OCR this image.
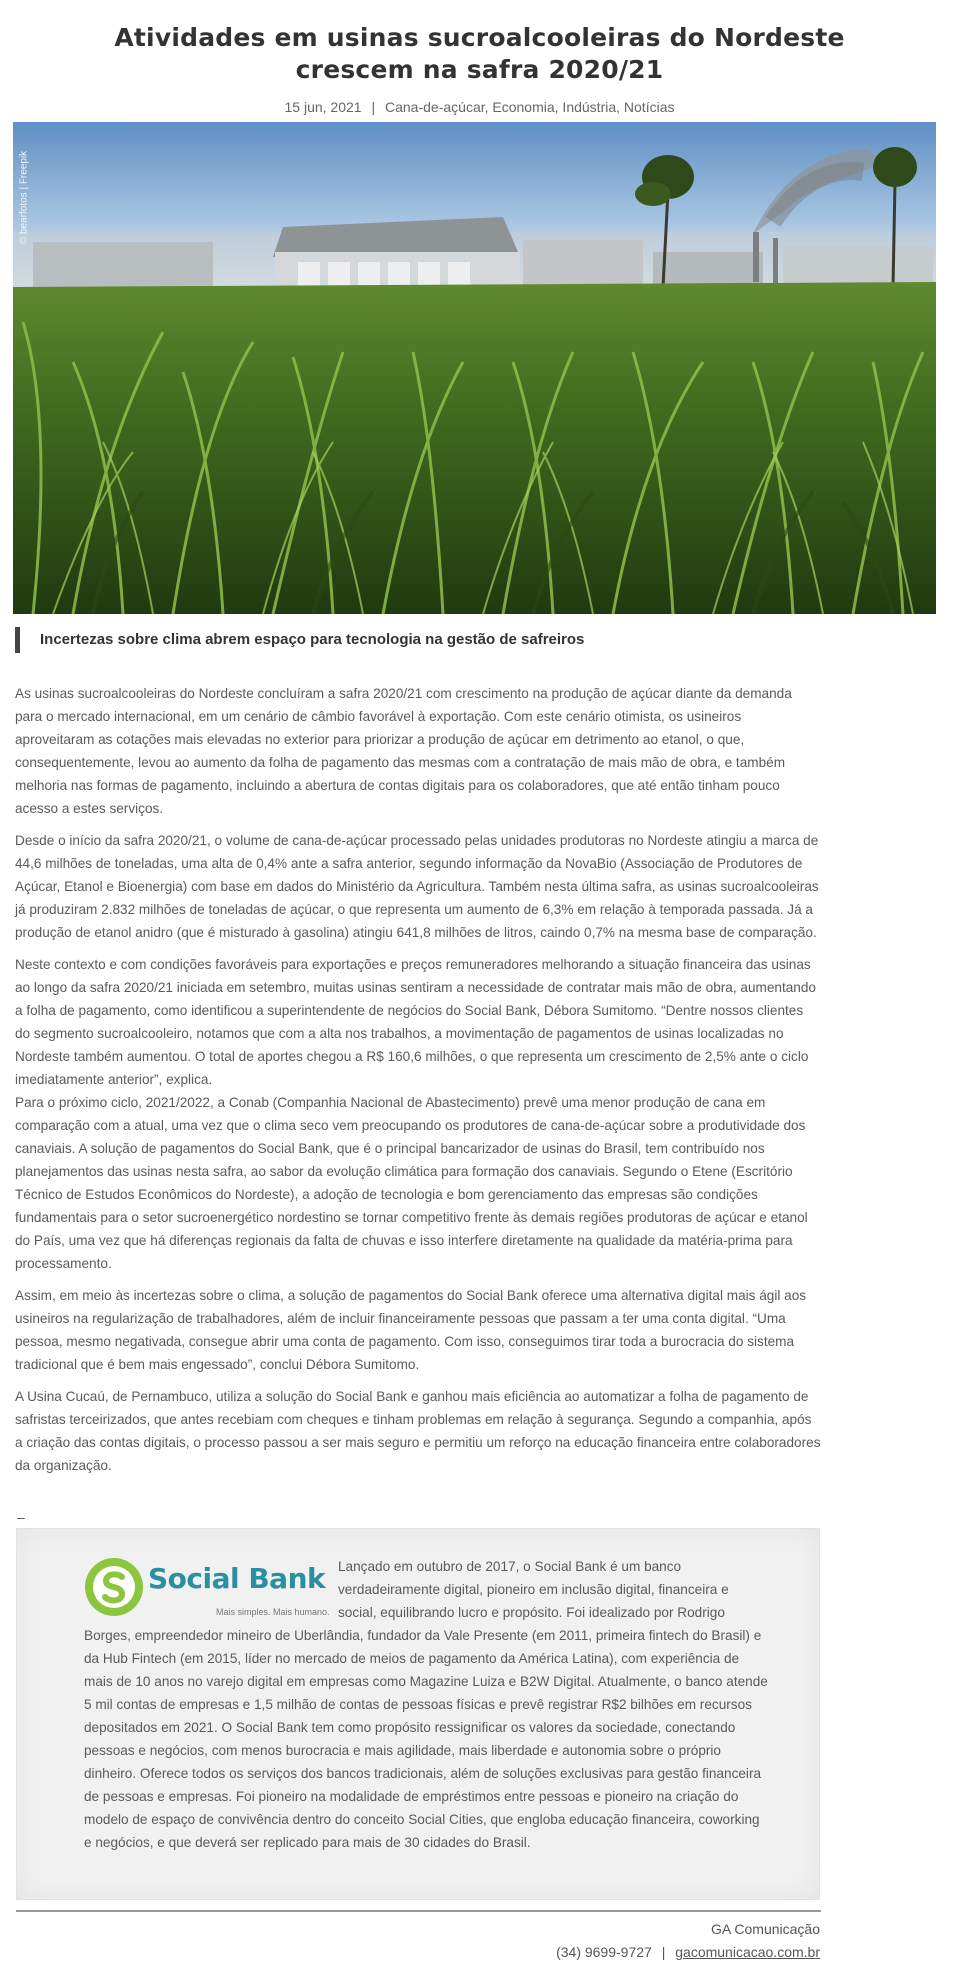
Atividades em usinas sucroalcooleiras do Nordeste
crescem na safra 2020/21
15 jun, 2021 | Cana-de-açúcar, Economia, Indústria, Notícias
© bearfotos | Freepik
Incertezas sobre clima abrem espaço para tecnologia na gestão de safreiros

As usinas sucroalcooleiras do Nordeste concluíram a safra 2020/21 com crescimento na produção de açúcar diante da demanda para o mercado internacional, em um cenário de câmbio favorável à exportação. Com este cenário otimista, os usineiros aproveitaram as cotações mais elevadas no exterior para priorizar a produção de açúcar em detrimento ao etanol, o que, consequentemente, levou ao aumento da folha de pagamento das mesmas com a contratação de mais mão de obra, e também melhoria nas formas de pagamento, incluindo a abertura de contas digitais para os colaboradores, que até então tinham pouco acesso a estes serviços.

Desde o início da safra 2020/21, o volume de cana-de-açúcar processado pelas unidades produtoras no Nordeste atingiu a marca de 44,6 milhões de toneladas, uma alta de 0,4% ante a safra anterior, segundo informação da NovaBio (Associação de Produtores de Açúcar, Etanol e Bioenergia) com base em dados do Ministério da Agricultura. Também nesta última safra, as usinas sucroalcooleiras já produziram 2.832 milhões de toneladas de açúcar, o que representa um aumento de 6,3% em relação à temporada passada. Já a produção de etanol anidro (que é misturado à gasolina) atingiu 641,8 milhões de litros, caindo 0,7% na mesma base de comparação.

Neste contexto e com condições favoráveis para exportações e preços remuneradores melhorando a situação financeira das usinas ao longo da safra 2020/21 iniciada em setembro, muitas usinas sentiram a necessidade de contratar mais mão de obra, aumentando a folha de pagamento, como identificou a superintendente de negócios do Social Bank, Débora Sumitomo. “Dentre nossos clientes do segmento sucroalcooleiro, notamos que com a alta nos trabalhos, a movimentação de pagamentos de usinas localizadas no Nordeste também aumentou. O total de aportes chegou a R$ 160,6 milhões, o que representa um crescimento de 2,5% ante o ciclo imediatamente anterior”, explica.

Para o próximo ciclo, 2021/2022, a Conab (Companhia Nacional de Abastecimento) prevê uma menor produção de cana em comparação com a atual, uma vez que o clima seco vem preocupando os produtores de cana-de-açúcar sobre a produtividade dos canaviais. A solução de pagamentos do Social Bank, que é o principal bancarizador de usinas do Brasil, tem contribuído nos planejamentos das usinas nesta safra, ao sabor da evolução climática para formação dos canaviais. Segundo o Etene (Escritório Técnico de Estudos Econômicos do Nordeste), a adoção de tecnologia e bom gerenciamento das empresas são condições fundamentais para o setor sucroenergético nordestino se tornar competitivo frente às demais regiões produtoras de açúcar e etanol do País, uma vez que há diferenças regionais da falta de chuvas e isso interfere diretamente na qualidade da matéria-prima para processamento.

Assim, em meio às incertezas sobre o clima, a solução de pagamentos do Social Bank oferece uma alternativa digital mais ágil aos usineiros na regularização de trabalhadores, além de incluir financeiramente pessoas que passam a ter uma conta digital. “Uma pessoa, mesmo negativada, consegue abrir uma conta de pagamento. Com isso, conseguimos tirar toda a burocracia do sistema tradicional que é bem mais engessado”, conclui Débora Sumitomo.

A Usina Cucaú, de Pernambuco, utiliza a solução do Social Bank e ganhou mais eficiência ao automatizar a folha de pagamento de safristas terceirizados, que antes recebiam com cheques e tinham problemas em relação à segurança. Segundo a companhia, após a criação das contas digitais, o processo passou a ser mais seguro e permitiu um reforço na educação financeira entre colaboradores da organização.

–
Social Bank
Mais simples. Mais humano.
Lançado em outubro de 2017, o Social Bank é um banco verdadeiramente digital, pioneiro em inclusão digital, financeira e social, equilibrando lucro e propósito. Foi idealizado por Rodrigo Borges, empreendedor mineiro de Uberlândia, fundador da Vale Presente (em 2011, primeira fintech do Brasil) e da Hub Fintech (em 2015, líder no mercado de meios de pagamento da América Latina), com experiência de mais de 10 anos no varejo digital em empresas como Magazine Luiza e B2W Digital. Atualmente, o banco atende 5 mil contas de empresas e 1,5 milhão de contas de pessoas físicas e prevê registrar R$2 bilhões em recursos depositados em 2021. O Social Bank tem como propósito ressignificar os valores da sociedade, conectando pessoas e negócios, com menos burocracia e mais agilidade, mais liberdade e autonomia sobre o próprio dinheiro. Oferece todos os serviços dos bancos tradicionais, além de soluções exclusivas para gestão financeira de pessoas e empresas. Foi pioneiro na modalidade de empréstimos entre pessoas e pioneiro na criação do modelo de espaço de convivência dentro do conceito Social Cities, que engloba educação financeira, coworking e negócios, e que deverá ser replicado para mais de 30 cidades do Brasil.
GA Comunicação
(34) 9699-9727 | gacomunicacao.com.br
